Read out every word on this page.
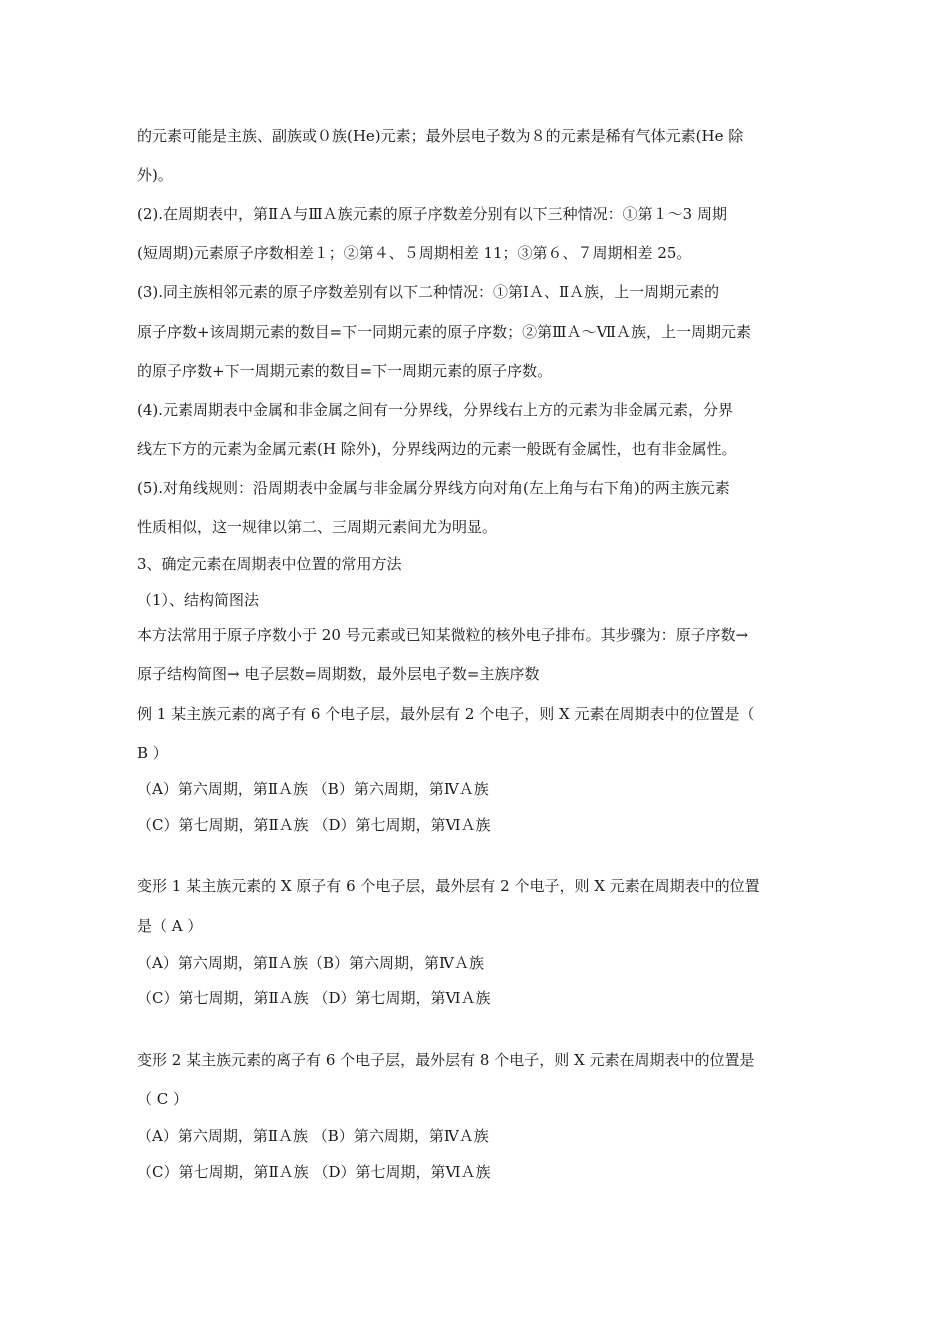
的元素可能是主族、副族或０族(He)元素；最外层电子数为８的元素是稀有气体元素(He 除
外)。
(2).在周期表中，第ⅡＡ与ⅢＡ族元素的原子序数差分别有以下三种情况：①第１～3 周期
(短周期)元素原子序数相差１；②第４、５周期相差 11；③第６、７周期相差 25。
(3).同主族相邻元素的原子序数差别有以下二种情况：①第ⅠＡ、ⅡＡ族，上一周期元素的
原子序数+该周期元素的数目=下一同期元素的原子序数；②第ⅢＡ～ⅦＡ族，上一周期元素
的原子序数+下一周期元素的数目=下一周期元素的原子序数。
(4).元素周期表中金属和非金属之间有一分界线，分界线右上方的元素为非金属元素，分界
线左下方的元素为金属元素(H 除外)，分界线两边的元素一般既有金属性，也有非金属性。
(5).对角线规则：沿周期表中金属与非金属分界线方向对角(左上角与右下角)的两主族元素
性质相似，这一规律以第二、三周期元素间尤为明显。
3、确定元素在周期表中位置的常用方法
（1）、结构简图法
本方法常用于原子序数小于 20 号元素或已知某微粒的核外电子排布。其步骤为：原子序数→
原子结构简图→ 电子层数=周期数，最外层电子数=主族序数
例 1 某主族元素的离子有 6 个电子层，最外层有 2 个电子，则 X 元素在周期表中的位置是（
B ）
（A）第六周期，第ⅡＡ族 （B）第六周期，第ⅣＡ族
（C）第七周期，第ⅡＡ族 （D）第七周期，第ⅥＡ族
变形 1 某主族元素的 X 原子有 6 个电子层，最外层有 2 个电子，则 X 元素在周期表中的位置
是（ A ）
（A）第六周期，第ⅡＡ族（B）第六周期，第ⅣＡ族
（C）第七周期，第ⅡＡ族 （D）第七周期，第ⅥＡ族
变形 2 某主族元素的离子有 6 个电子层，最外层有 8 个电子，则 X 元素在周期表中的位置是
（ C ）
（A）第六周期，第ⅡＡ族 （B）第六周期，第ⅣＡ族
（C）第七周期，第ⅡＡ族 （D）第七周期，第ⅥＡ族
